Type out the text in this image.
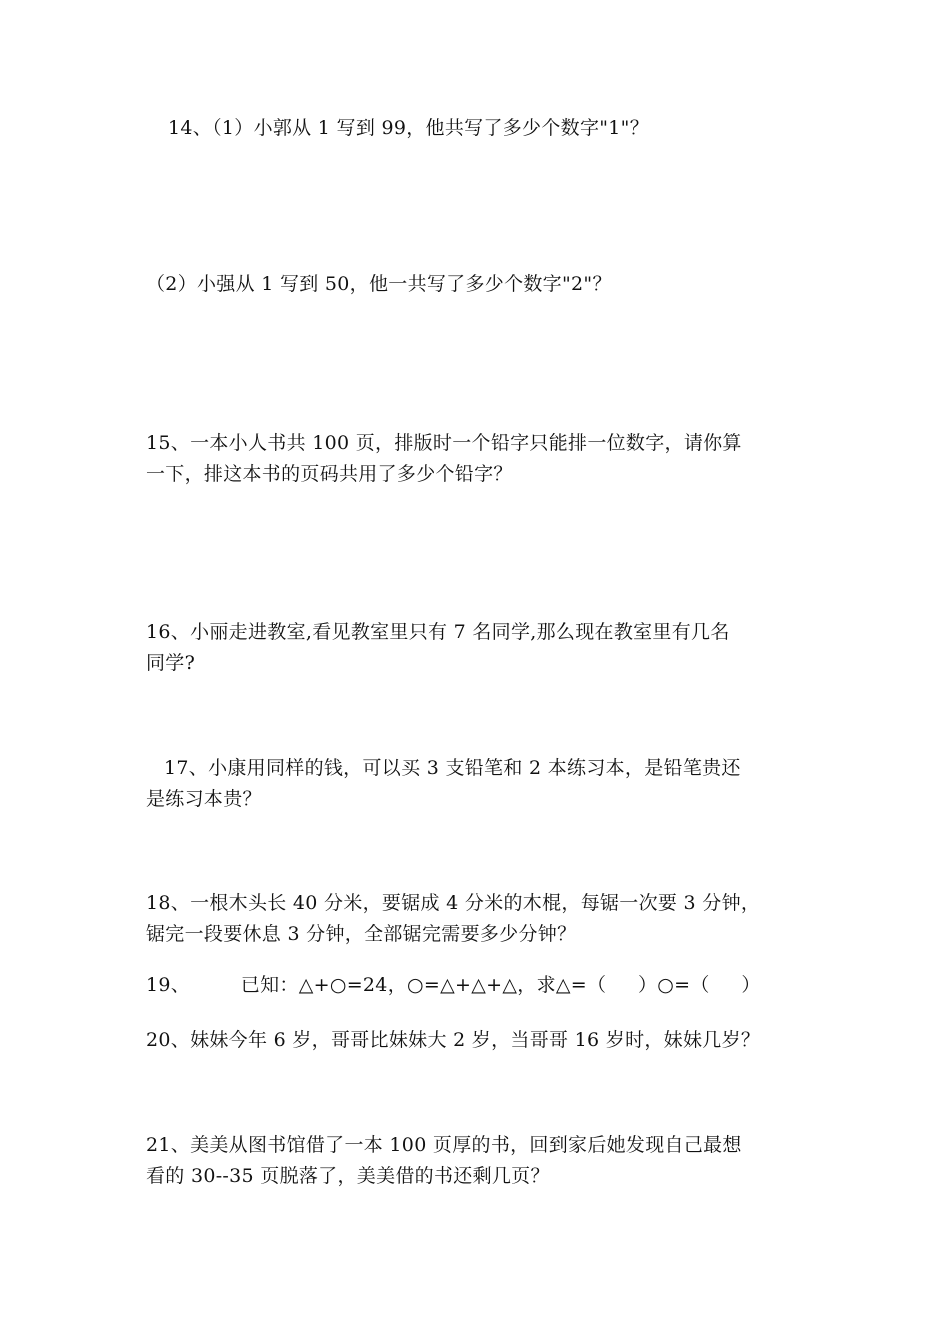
14、（1）小郭从 1 写到 99，他共写了多少个数字"1"？
（2）小强从 1 写到 50，他一共写了多少个数字"2"？
15、一本小人书共 100 页，排版时一个铅字只能排一位数字，请你算
一下，排这本书的页码共用了多少个铅字？
16、小丽走进教室,看见教室里只有 7 名同学,那么现在教室里有几名
同学?
17、小康用同样的钱，可以买 3 支铅笔和 2 本练习本，是铅笔贵还
是练习本贵？
18、一根木头长 40 分米，要锯成 4 分米的木棍，每锯一次要 3 分钟，
锯完一段要休息 3 分钟，全部锯完需要多少分钟？
19、        已知：△+○=24，○=△+△+△，求△=（     ）○=（     ）
20、妹妹今年 6 岁，哥哥比妹妹大 2 岁，当哥哥 16 岁时，妹妹几岁？
21、美美从图书馆借了一本 100 页厚的书，回到家后她发现自己最想
看的 30--35 页脱落了，美美借的书还剩几页？
